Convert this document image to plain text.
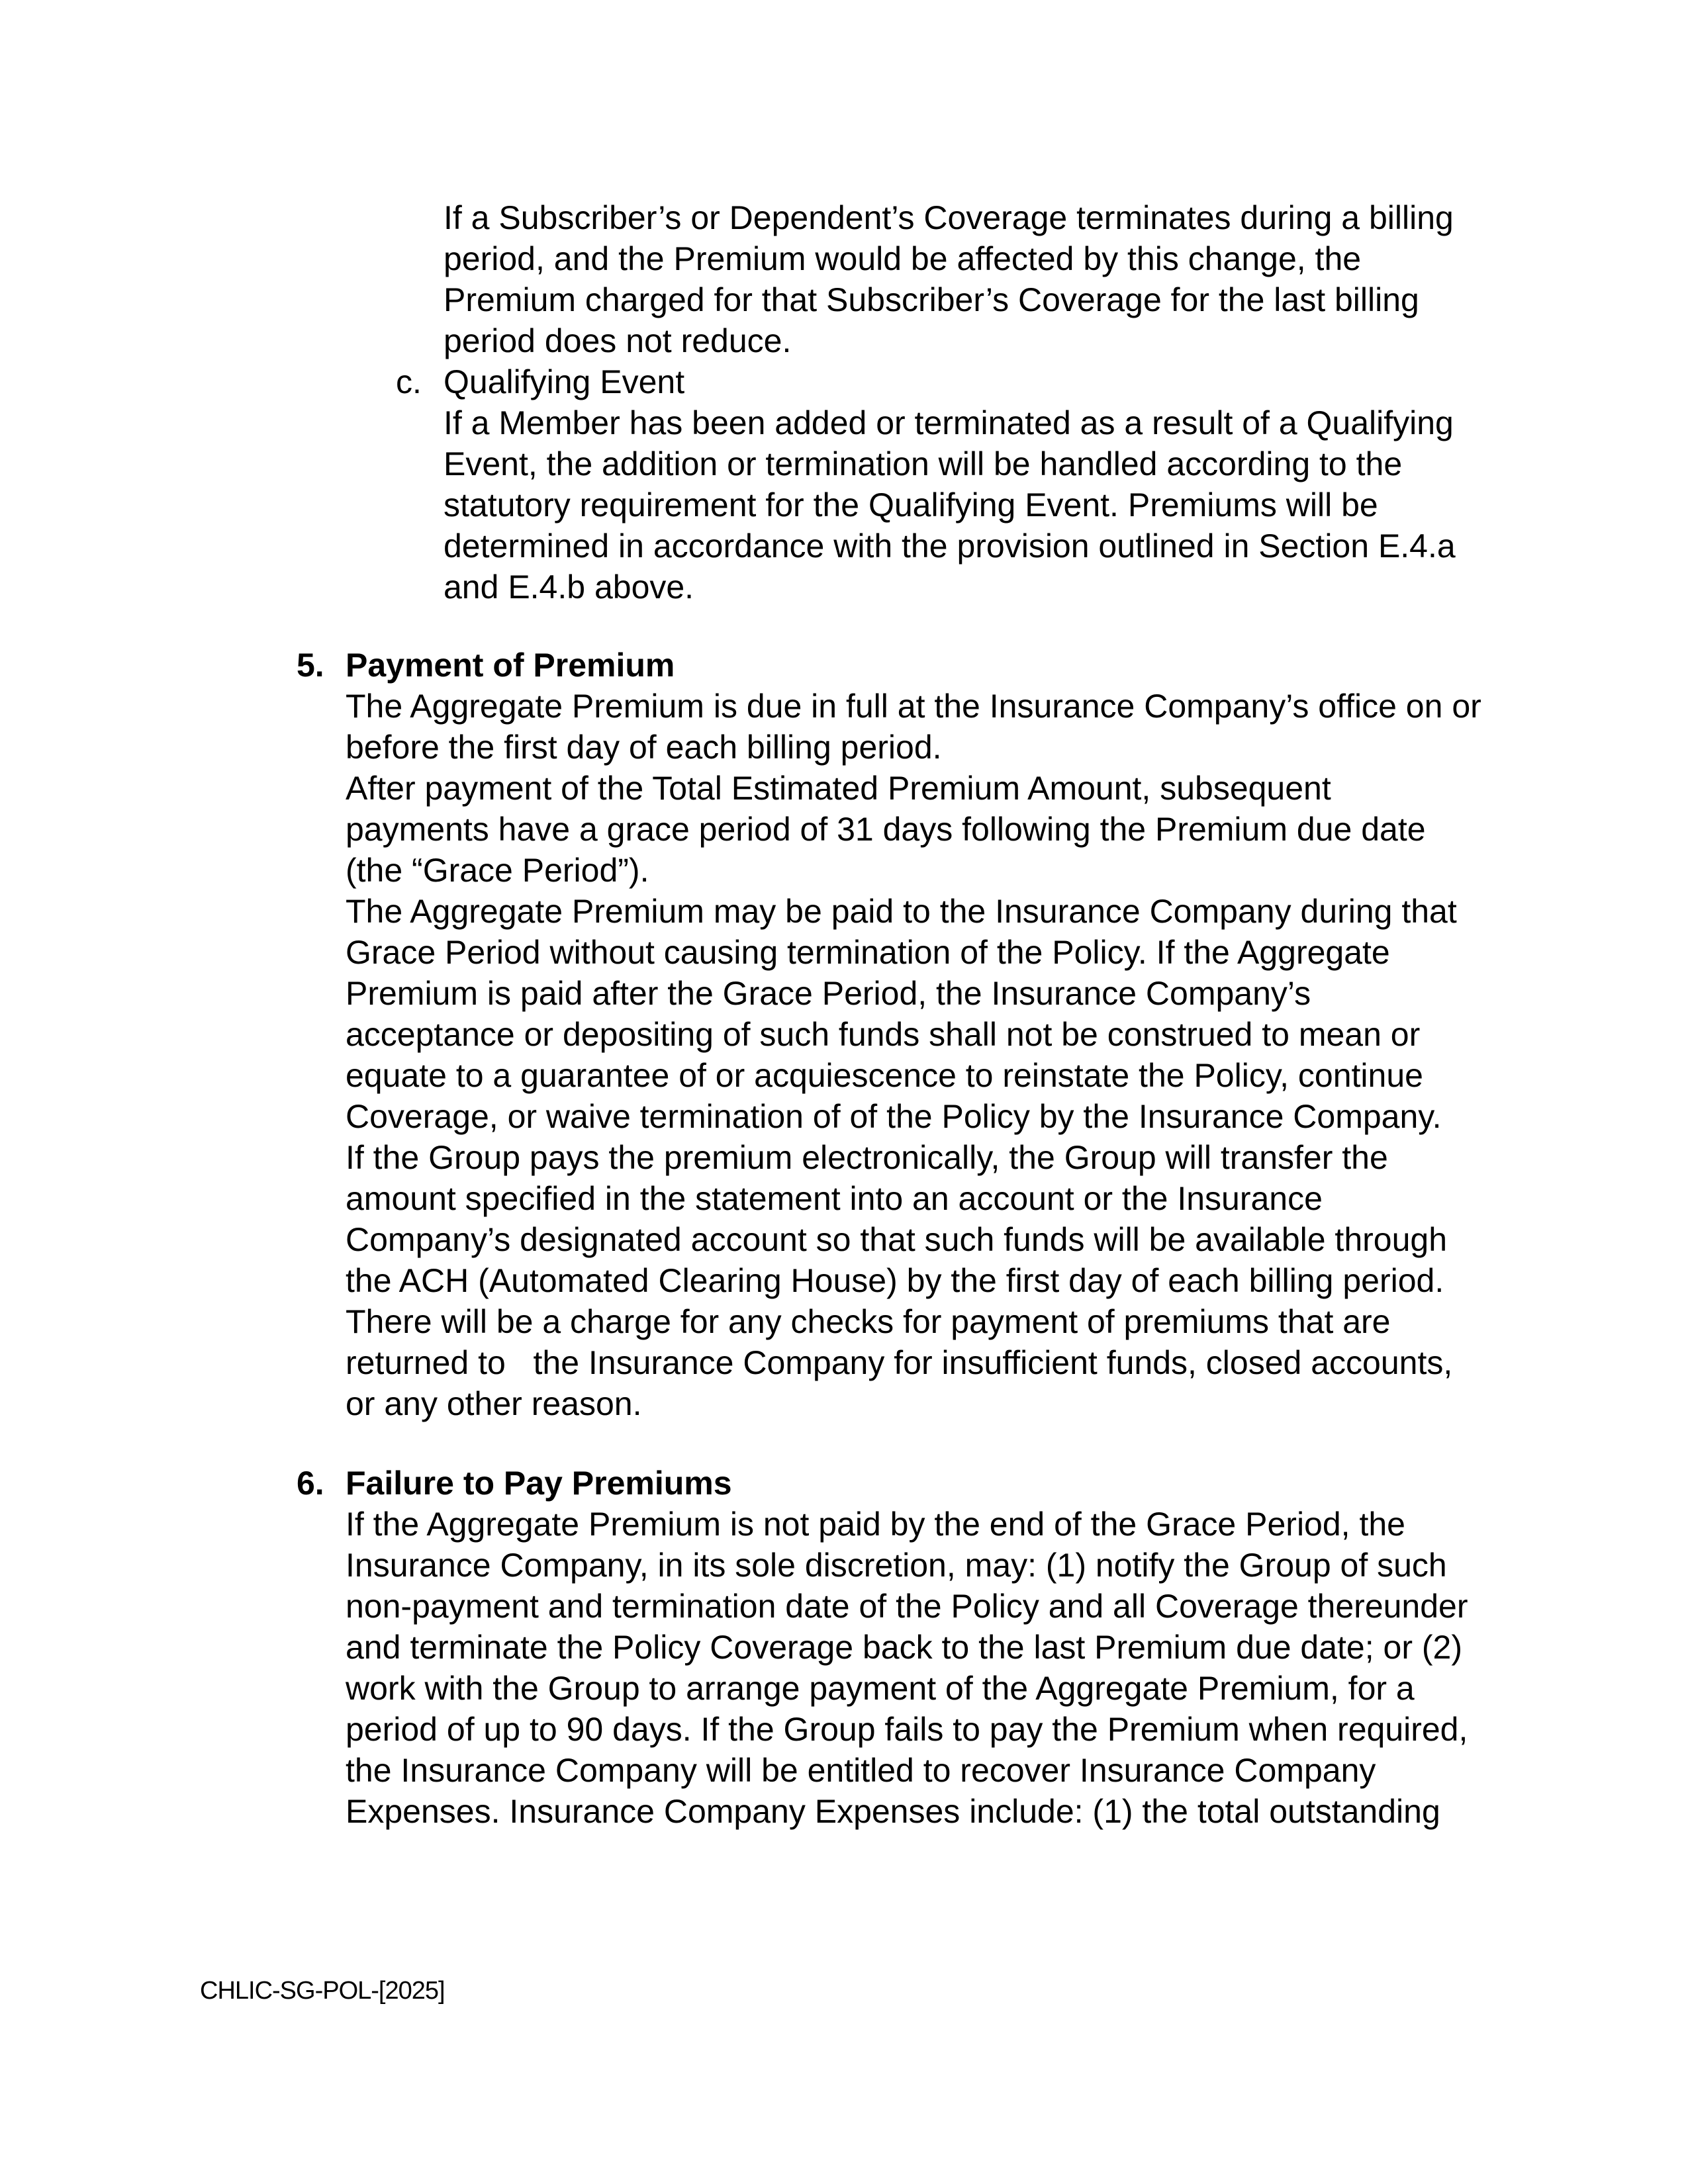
If a Subscriber’s or Dependent’s Coverage terminates during a billing

period, and the Premium would be affected by this change, the

Premium charged for that Subscriber’s Coverage for the last billing

period does not reduce.

c. Qualifying Event

If a Member has been added or terminated as a result of a Qualifying

Event, the addition or termination will be handled according to the

statutory requirement for the Qualifying Event. Premiums will be

determined in accordance with the provision outlined in Section E.4.a

and E.4.b above.

5. Payment of Premium

The Aggregate Premium is due in full at the Insurance Company’s office on or

before the first day of each billing period.

After payment of the Total Estimated Premium Amount, subsequent

payments have a grace period of 31 days following the Premium due date

(the “Grace Period”).

The Aggregate Premium may be paid to the Insurance Company during that

Grace Period without causing termination of the Policy. If the Aggregate

Premium is paid after the Grace Period, the Insurance Company’s

acceptance or depositing of such funds shall not be construed to mean or

equate to a guarantee of or acquiescence to reinstate the Policy, continue

Coverage, or waive termination of of the Policy by the Insurance Company.

If the Group pays the premium electronically, the Group will transfer the

amount specified in the statement into an account or the Insurance

Company’s designated account so that such funds will be available through

the ACH (Automated Clearing House) by the first day of each billing period.

There will be a charge for any checks for payment of premiums that are

returned to   the Insurance Company for insufficient funds, closed accounts,

or any other reason.

6. Failure to Pay Premiums

If the Aggregate Premium is not paid by the end of the Grace Period, the

Insurance Company, in its sole discretion, may: (1) notify the Group of such

non-payment and termination date of the Policy and all Coverage thereunder

and terminate the Policy Coverage back to the last Premium due date; or (2)

work with the Group to arrange payment of the Aggregate Premium, for a

period of up to 90 days. If the Group fails to pay the Premium when required,

the Insurance Company will be entitled to recover Insurance Company

Expenses. Insurance Company Expenses include: (1) the total outstanding

CHLIC-SG-POL-[2025]
